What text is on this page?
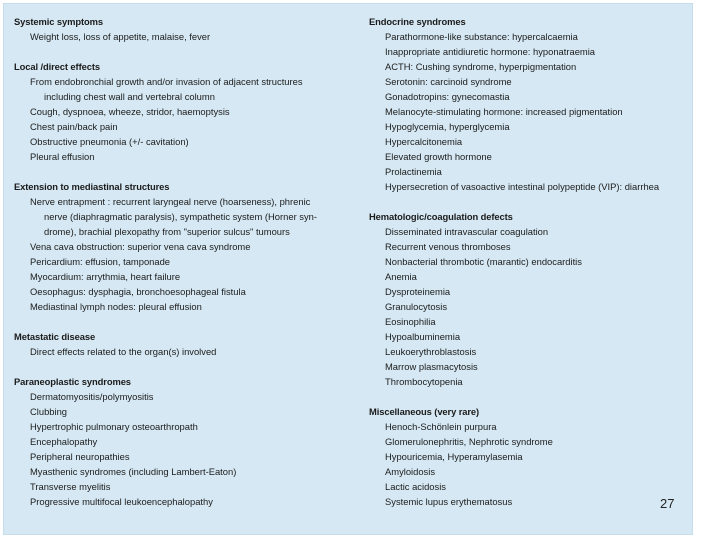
Systemic symptoms
Weight loss, loss of appetite, malaise, fever
Local /direct effects
From endobronchial growth and/or invasion of adjacent structures
including chest wall and vertebral column
Cough, dyspnoea, wheeze, stridor, haemoptysis
Chest pain/back pain
Obstructive pneumonia (+/- cavitation)
Pleural effusion
Extension to mediastinal structures
Nerve entrapment : recurrent laryngeal nerve (hoarseness), phrenic
nerve (diaphragmatic paralysis), sympathetic system (Horner syn-
drome), brachial plexopathy from "superior sulcus" tumours
Vena cava obstruction: superior vena cava syndrome
Pericardium: effusion, tamponade
Myocardium: arrythmia, heart failure
Oesophagus: dysphagia, bronchoesophageal fistula
Mediastinal lymph nodes: pleural effusion
Metastatic disease
Direct effects related to the organ(s) involved
Paraneoplastic syndromes
Dermatomyositis/polymyositis
Clubbing
Hypertrophic pulmonary osteoarthropath
Encephalopathy
Peripheral neuropathies
Myasthenic syndromes (including Lambert-Eaton)
Transverse myelitis
Progressive multifocal leukoencephalopathy
Endocrine syndromes
Parathormone-like substance: hypercalcaemia
Inappropriate antidiuretic hormone: hyponatraemia
ACTH: Cushing syndrome, hyperpigmentation
Serotonin: carcinoid syndrome
Gonadotropins: gynecomastia
Melanocyte-stimulating hormone: increased pigmentation
Hypoglycemia, hyperglycemia
Hypercalcitonemia
Elevated growth hormone
Prolactinemia
Hypersecretion of vasoactive intestinal polypeptide (VIP): diarrhea
Hematologic/coagulation defects
Disseminated intravascular coagulation
Recurrent venous thromboses
Nonbacterial thrombotic (marantic) endocarditis
Anemia
Dysproteinemia
Granulocytosis
Eosinophilia
Hypoalbuminemia
Leukoerythroblastosis
Marrow plasmacytosis
Thrombocytopenia
Miscellaneous (very rare)
Henoch-Schönlein purpura
Glomerulonephritis, Nephrotic syndrome
Hypouricemia, Hyperamylasemia
Amyloidosis
Lactic acidosis
Systemic lupus erythematosus	27
